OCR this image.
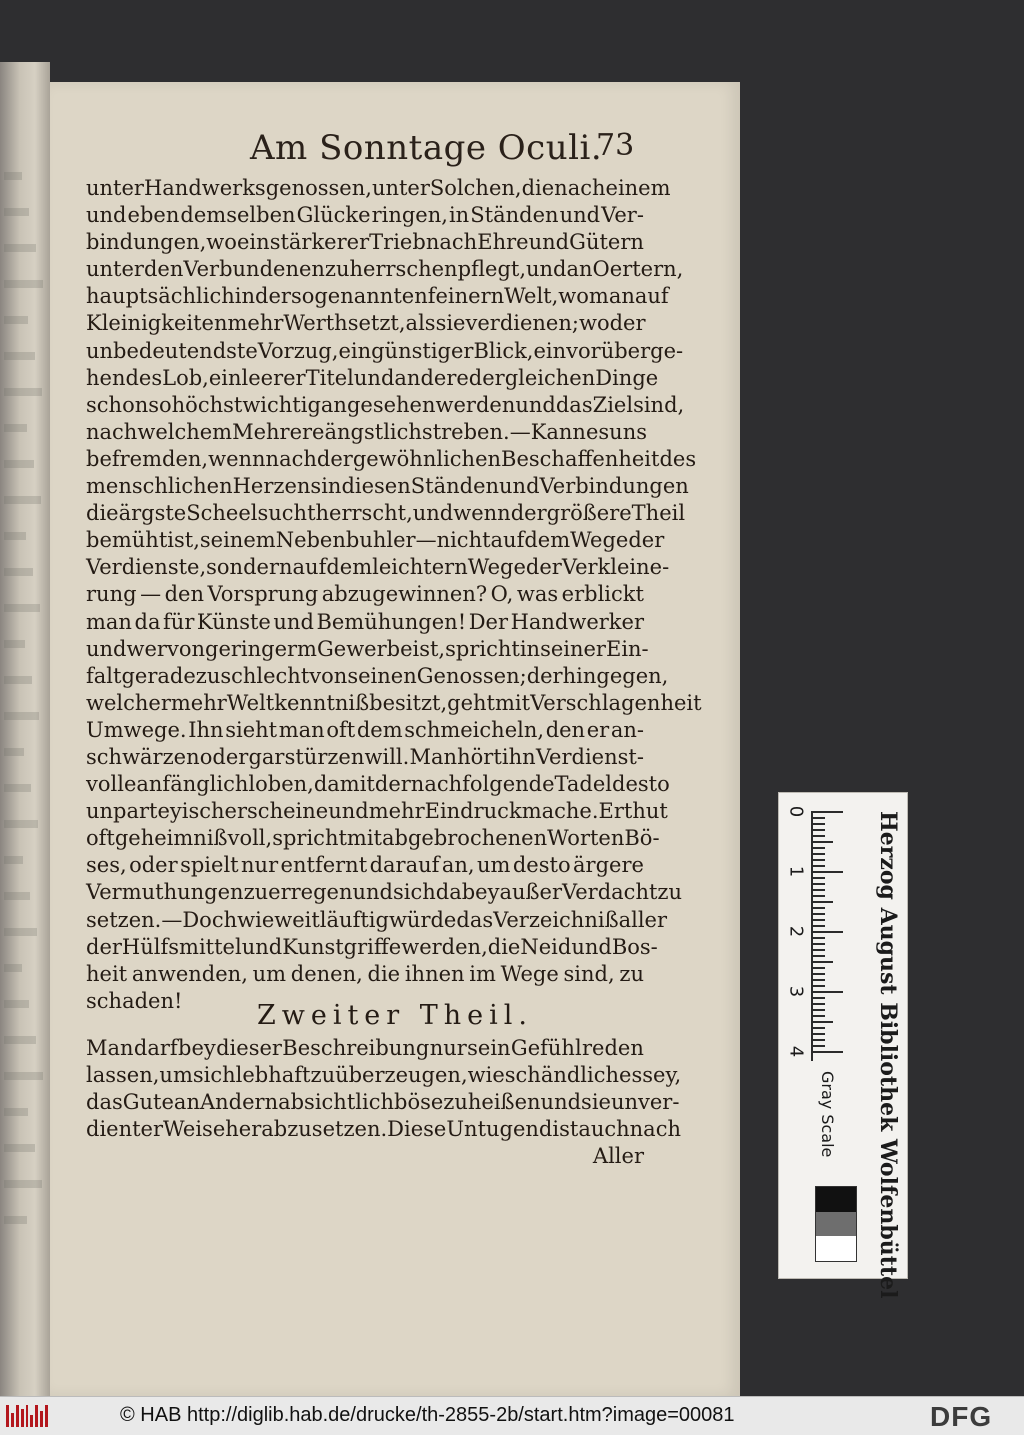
Am Sonntage Oculi.
73
unter Handwerksgenossen, unter Solchen, die nach einem
und eben demselben Glücke ringen, in Ständen und Ver-
bindungen, wo ein stärkerer Trieb nach Ehre und Gütern
unter den Verbundenen zu herrschen pflegt, und an Oertern,
hauptsächlich in der so genannten feinern Welt, wo man auf
Kleinigkeiten mehr Werth setzt, als sie verdienen; wo der
unbedeutendste Vorzug, ein günstiger Blick, ein vorüberge-
hendes Lob, ein leerer Titel und andere dergleichen Dinge
schon so höchst wichtig angesehen werden und das Ziel sind,
nach welchem Mehrere ängstlich streben. — Kann es uns
befremden, wenn nach der gewöhnlichen Beschaffenheit des
menschlichen Herzens in diesen Ständen und Verbindungen
die ärgste Scheelsucht herrscht, und wenn der größere Theil
bemüht ist, seinem Nebenbuhler — nicht auf dem Wege der
Verdienste, sondern auf dem leichtern Wege der Verkleine-
rung — den Vorsprung abzugewinnen? O, was erblickt
man da für Künste und Bemühungen! Der Handwerker
und wer von geringerm Gewerbe ist, spricht in seiner Ein-
falt geradezu schlecht von seinen Genossen; der hingegen,
welcher mehr Weltkenntniß besitzt, geht mit Verschlagenheit
Umwege. Ihn sieht man oft dem schmeicheln, den er an-
schwärzen oder gar stürzen will. Man hört ihn Verdienst-
volle anfänglich loben, damit der nachfolgende Tadel desto
unparteyischer scheine und mehr Eindruck mache. Er thut
oft geheimnißvoll, spricht mit abgebrochenen Worten Bö-
ses, oder spielt nur entfernt darauf an, um desto ärgere
Vermuthungen zu erregen und sich dabey außer Verdacht zu
setzen. — Doch wie weitläuftig würde das Verzeichniß aller
der Hülfsmittel und Kunstgriffe werden, die Neid und Bos-
heit anwenden, um denen, die ihnen im Wege sind, zu
schaden!	Zweiter Theil.
Man darf bey dieser Beschreibung nur sein Gefühl reden
lassen, um sich lebhaft zu überzeugen, wie schändlich es sey,
das Gute an Andern absichtlich böse zu heißen und sie unver-
dienter Weise herabzusetzen. Diese Untugend ist auch nach
Aller	Herzog August Bibliothek Wolfenbüttel
0
1
2
3
4
Gray Scale
© HAB http://diglib.hab.de/drucke/th-2855-2b/start.htm?image=00081	DFG
